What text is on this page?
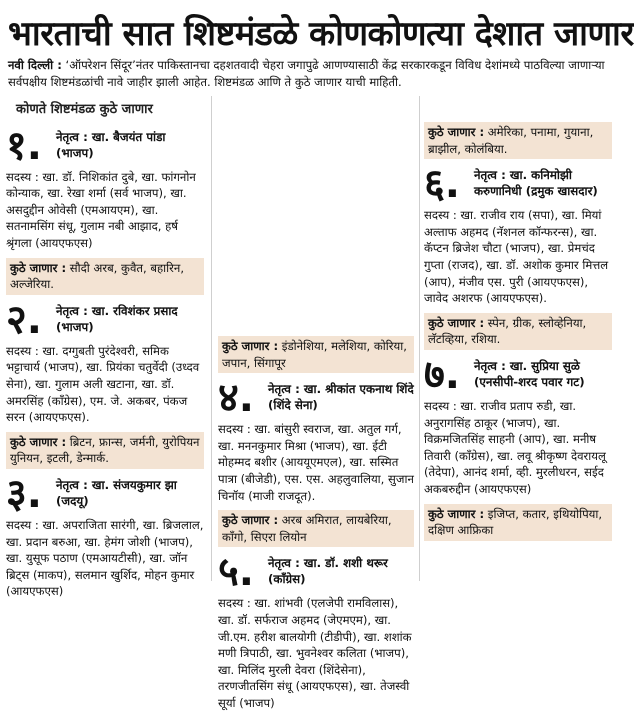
भारताची सात शिष्टमंडळे कोणकोणत्या देशात जाणार
नवी दिल्ली : ‘ऑपरेशन सिंदूर’नंतर पाकिस्तानचा दहशतवादी चेहरा जगापुढे आणण्यासाठी केंद्र सरकारकडून विविध देशांमध्ये पाठविल्या जाणाऱ्या सर्वपक्षीय शिष्टमंडळांची नावे जाहीर झाली आहेत. शिष्टमंडळ आणि ते कुठे जाणार याची माहिती.
कोणते शिष्टमंडळ कुठे जाणार
१.	नेतृत्व : खा. बैजयंत पांडा (भाजप)
सदस्य : खा. डॉ. निशिकांत दुबे, खा. फांगनोन कोन्याक, खा. रेखा शर्मा (सर्व भाजप), खा. असदुद्दीन ओवेसी (एमआयएम), खा. सतनामसिंग संधू, गुलाम नबी आझाद, हर्ष श्रृंगला (आयएफएस)
कुठे जाणार : सौदी अरब, कुवैत, बहारिन, अल्जेरिया.
२.	नेतृत्व : खा. रविशंकर प्रसाद (भाजप)
सदस्य : खा. दग्गुबती पुरंदेश्वरी, समिक भट्टाचार्य (भाजप), खा. प्रियंका चतुर्वेदी (उध्दव सेना), खा. गुलाम अली खटाना, खा. डॉ. अमरसिंह (कॉंग्रेस), एम. जे. अकबर, पंकज सरन (आयएफएस).
कुठे जाणार : ब्रिटन, फ्रान्स, जर्मनी, युरोपियन युनियन, इटली, डेन्मार्क.
३.	नेतृत्व : खा. संजयकुमार झा (जदयू)
सदस्य : खा. अपराजिता सारंगी, खा. ब्रिजलाल, खा. प्रदान बरुआ, खा. हेमंग जोशी (भाजप), खा. युसूफ पठाण (एमआयटीसी), खा. जॉन ब्रिट्स (माकप), सलमान खुर्शिद, मोहन कुमार (आयएफएस)
कुठे जाणार : इंडोनेशिया, मलेशिया, कोरिया, जपान, सिंगापूर
४.	नेतृत्व : खा. श्रीकांत एकनाथ शिंदे (शिंदे सेना)
सदस्य : खा. बांसुरी स्वराज, खा. अतुल गर्ग, खा. मननकुमार मिश्रा (भाजप), खा. ईटी मोहम्मद बशीर (आययूएमएल), खा. सस्मित पात्रा (बीजेडी), एस. एस. अहलुवालिया, सुजान चिनॉय (माजी राजदूत).
कुठे जाणार : अरब अमिरात, लायबेरिया, कॉंगो, सिएरा लियोन
५.	नेतृत्व : खा. डॉ. शशी थरूर (कॉंग्रेस)
सदस्य : खा. शांभवी (एलजेपी रामविलास), खा. डॉ. सर्फराज अहमद (जेएमएम), खा. जी.एम. हरीश बालयोगी (टीडीपी), खा. शशांक मणी त्रिपाठी, खा. भुवनेश्वर कलिता (भाजप), खा. मिलिंद मुरली देवरा (शिंदेसेना), तरणजीतसिंग संधू (आयएफएस), खा. तेजस्वी सूर्या (भाजप)
कुठे जाणार : अमेरिका, पनामा, गुयाना, ब्राझील, कोलंबिया.
६.	नेतृत्व : खा. कनिमोझी करुणानिधी (द्रमुक खासदार)
सदस्य : खा. राजीव राय (सपा), खा. मियां अल्ताफ अहमद (नॅशनल कॉन्फरन्स), खा. कॅप्टन ब्रिजेश चौटा (भाजप), खा. प्रेमचंद गुप्ता (राजद), खा. डॉ. अशोक कुमार मित्तल (आप), मंजीव एस. पुरी (आयएफएस), जावेद अशरफ (आयएफएस).
कुठे जाणार : स्पेन, ग्रीक, स्लोव्हेनिया, लॅटव्हिया, रशिया.
७.	नेतृत्व : खा. सुप्रिया सुळे (एनसीपी-शरद पवार गट)
सदस्य : खा. राजीव प्रताप रुडी, खा. अनुरागसिंह ठाकूर (भाजप), खा. विक्रमजितसिंह साहनी (आप), खा. मनीष तिवारी (कॉंग्रेस), खा. लवू श्रीकृष्ण देवरायलू (तेदेपा), आनंद शर्मा, व्ही. मुरलीधरन, सईद अकबरुद्दीन (आयएफएस)
कुठे जाणार : इजिप्त, कतार, इथियोपिया, दक्षिण आफ्रिका
